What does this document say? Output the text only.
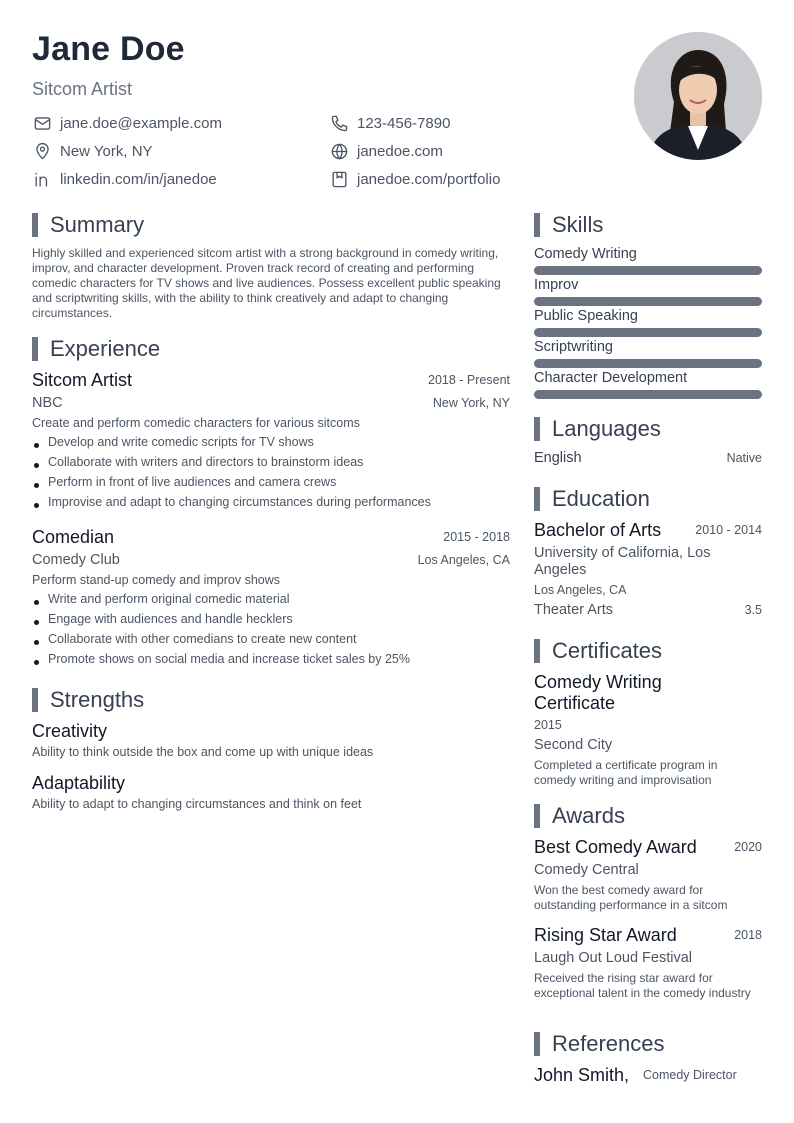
Jane Doe
Sitcom Artist
jane.doe@example.com	123-456-7890
New York, NY	janedoe.com
linkedin.com/in/janedoe	janedoe.com/portfolio
Summary
Highly skilled and experienced sitcom artist with a strong background in comedy writing, improv, and character development. Proven track record of creating and performing comedic characters for TV shows and live audiences. Possess excellent public speaking and scriptwriting skills, with the ability to think creatively and adapt to changing circumstances.
Experience
Sitcom Artist	2018 - Present
NBC	New York, NY
Create and perform comedic characters for various sitcoms
Develop and write comedic scripts for TV shows
Collaborate with writers and directors to brainstorm ideas
Perform in front of live audiences and camera crews
Improvise and adapt to changing circumstances during performances
Comedian	2015 - 2018
Comedy Club	Los Angeles, CA
Perform stand-up comedy and improv shows
Write and perform original comedic material
Engage with audiences and handle hecklers
Collaborate with other comedians to create new content
Promote shows on social media and increase ticket sales by 25%
Strengths
Creativity
Ability to think outside the box and come up with unique ideas
Adaptability
Ability to adapt to changing circumstances and think on feet
Skills
Comedy Writing
Improv
Public Speaking
Scriptwriting
Character Development
Languages
English	Native
Education
Bachelor of Arts	2010 - 2014
University of California, Los Angeles
Los Angeles, CA
Theater Arts	3.5
Certificates
Comedy Writing Certificate
2015
Second City
Completed a certificate program in comedy writing and improvisation
Awards
Best Comedy Award	2020
Comedy Central
Won the best comedy award for outstanding performance in a sitcom
Rising Star Award	2018
Laugh Out Loud Festival
Received the rising star award for exceptional talent in the comedy industry
References
John Smith, Comedy Director
